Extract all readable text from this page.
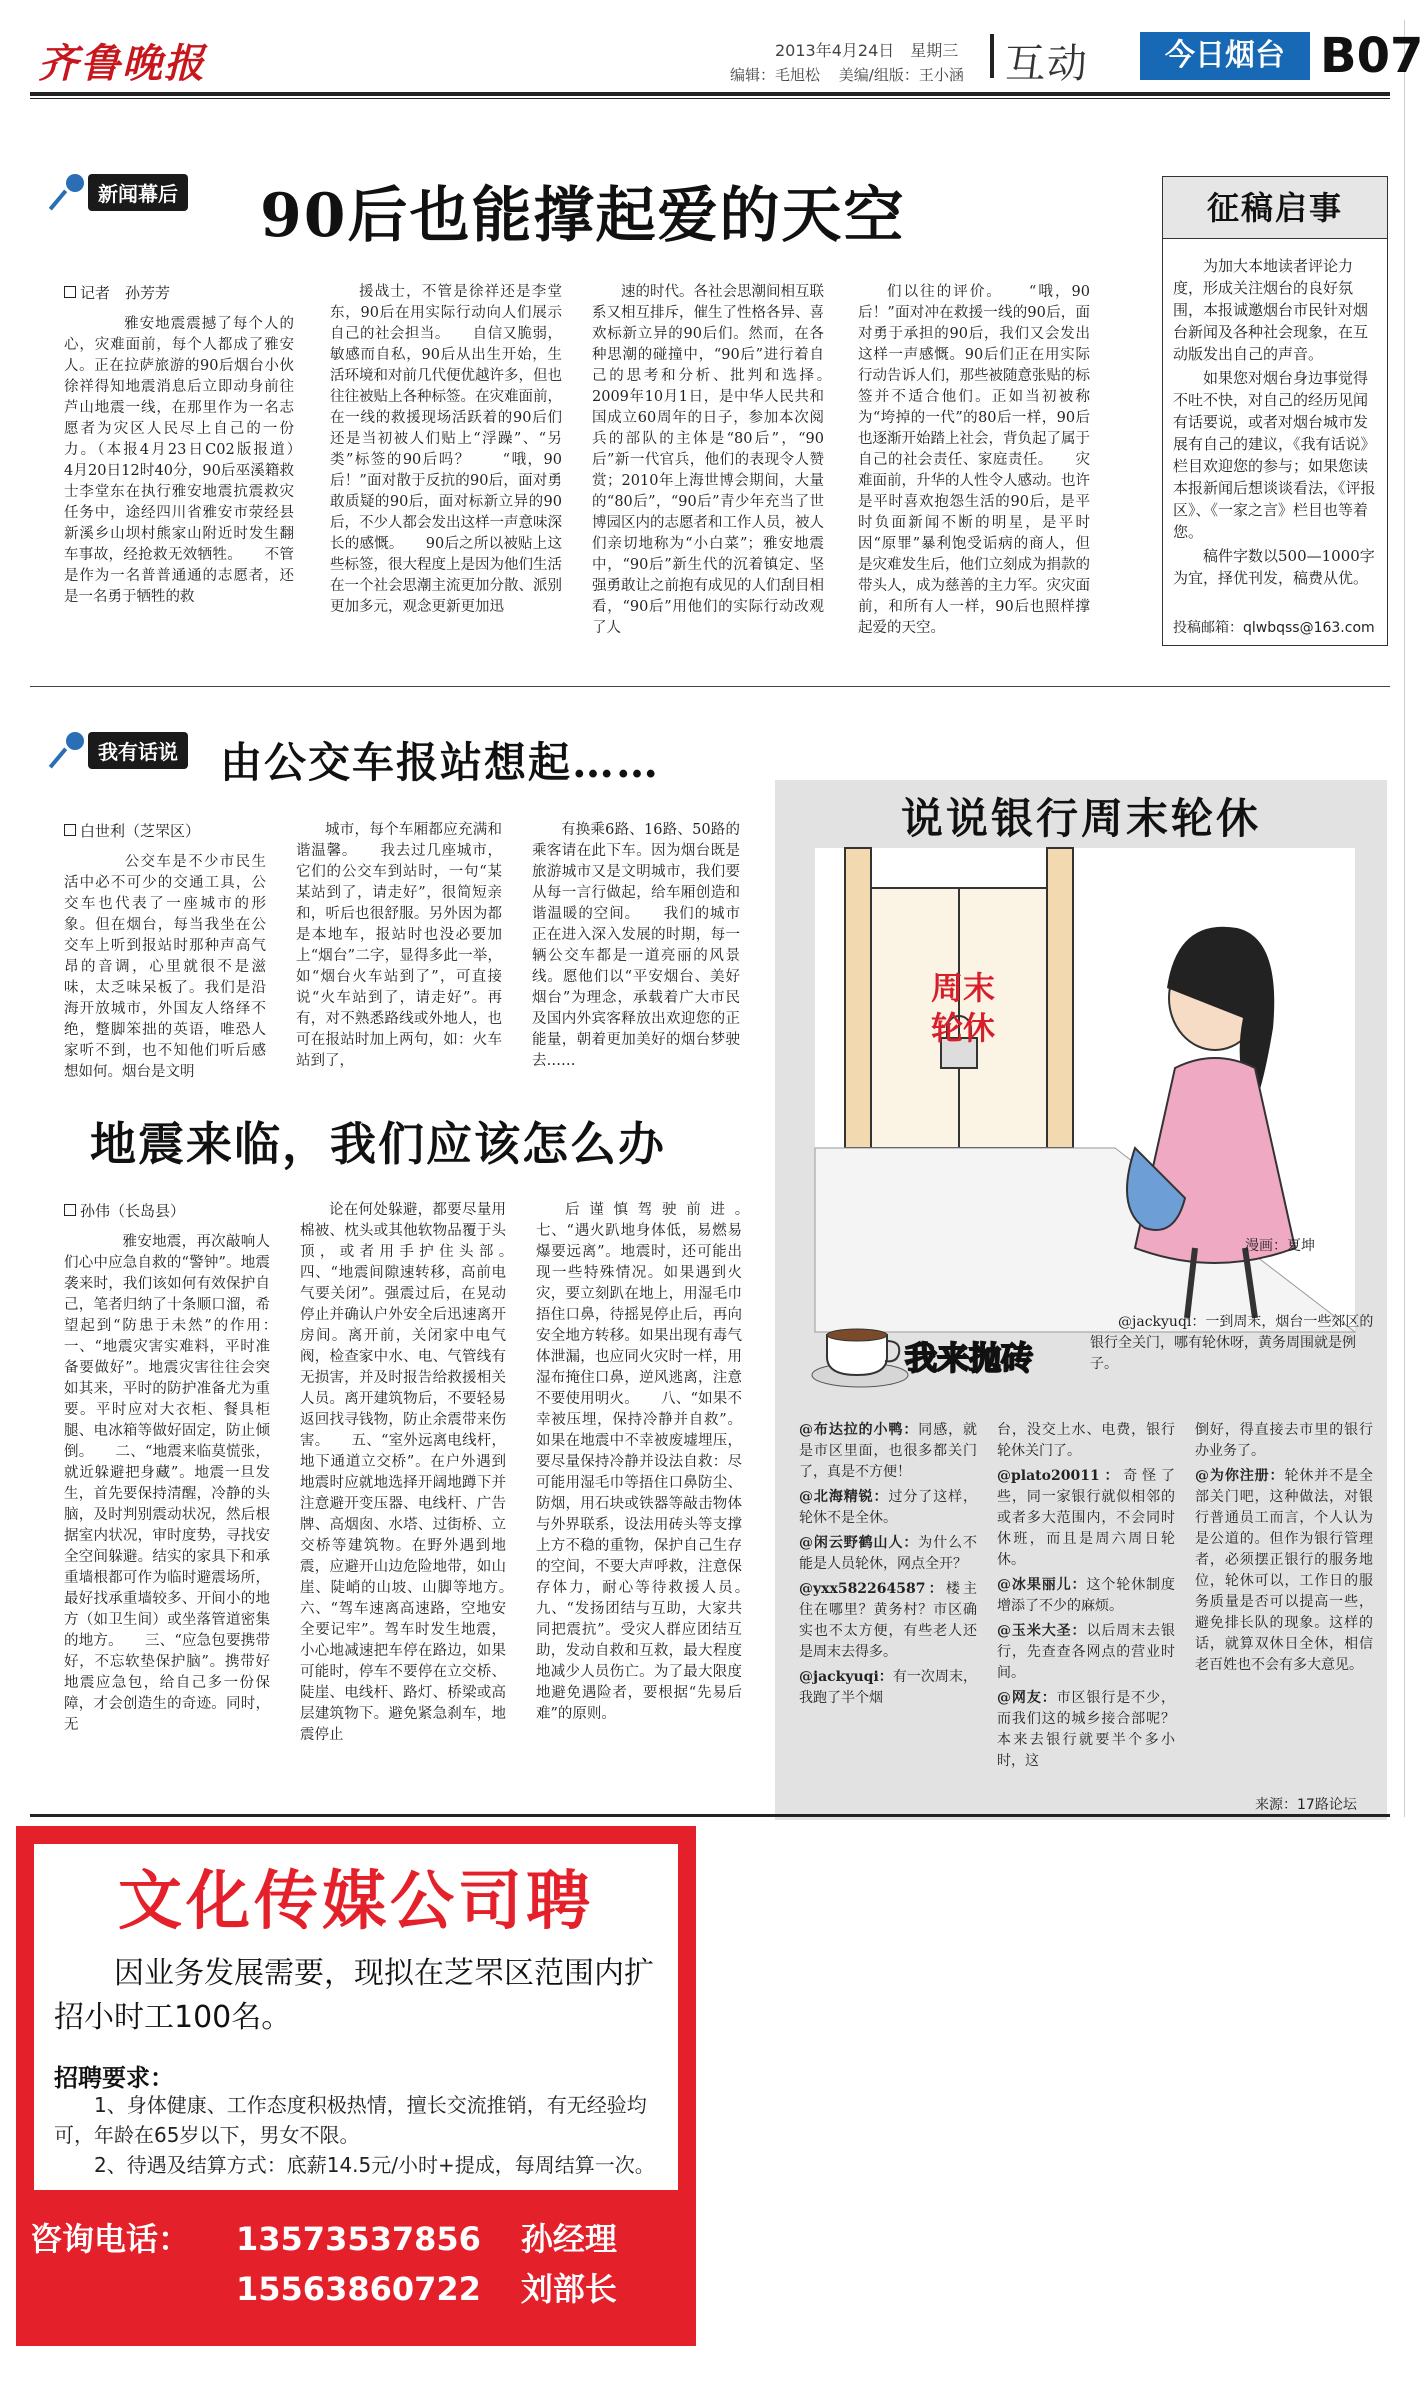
齐鲁晚报	2013年4月24日　星期三
编辑：毛旭松 美编/组版：王小涵	互动	今日烟台 B07
新闻幕后 90后也能撑起爱的天空
记者　孙芳芳

　　雅安地震震撼了每个人的心，灾难面前，每个人都成了雅安人。正在拉萨旅游的90后烟台小伙徐祥得知地震消息后立即动身前往芦山地震一线，在那里作为一名志愿者为灾区人民尽上自己的一份力。（本报4月23日C02版报道）　　4月20日12时40分，90后巫溪籍救士李堂东在执行雅安地震抗震救灾任务中，途经四川省雅安市荥经县新溪乡山坝村熊家山附近时发生翻车事故，经抢救无效牺牲。　　不管是作为一名普普通通的志愿者，还是一名勇于牺牲的救

援战士，不管是徐祥还是李堂东，90后在用实际行动向人们展示自己的社会担当。　　自信又脆弱，敏感而自私，90后从出生开始，生活环境和对前几代便优越许多，但也往往被贴上各种标签。在灾难面前，在一线的救援现场活跃着的90后们还是当初被人们贴上“浮躁”、“另类”标签的90后吗？　　“哦，90后！”面对散于反抗的90后，面对勇敢质疑的90后，面对标新立异的90后，不少人都会发出这样一声意味深长的感慨。　　90后之所以被贴上这些标签，很大程度上是因为他们生活在一个社会思潮主流更加分散、派别更加多元，观念更新更加迅

速的时代。各社会思潮间相互联系又相互排斥，催生了性格各异、喜欢标新立异的90后们。然而，在各种思潮的碰撞中，“90后”进行着自己的思考和分析、批判和选择。　　2009年10月1日，是中华人民共和国成立60周年的日子，参加本次阅兵的部队的主体是“80后”，“90后”新一代官兵，他们的表现令人赞赏；2010年上海世博会期间，大量的“80后”，“90后”青少年充当了世博园区内的志愿者和工作人员，被人们亲切地称为“小白菜”；雅安地震中，“90后”新生代的沉着镇定、坚强勇敢让之前抱有成见的人们刮目相看，“90后”用他们的实际行动改观了人

们以往的评价。　　“哦，90后！”面对冲在救援一线的90后，面对勇于承担的90后，我们又会发出这样一声感慨。90后们正在用实际行动告诉人们，那些被随意张贴的标签并不适合他们。正如当初被称为“垮掉的一代”的80后一样，90后也逐渐开始踏上社会，背负起了属于自己的社会责任、家庭责任。　　灾难面前，升华的人性令人感动。也许是平时喜欢抱怨生活的90后，是平时负面新闻不断的明星，是平时因“原罪”暴利饱受诟病的商人，但是灾难发生后，他们立刻成为捐款的带头人，成为慈善的主力军。灾灾面前，和所有人一样，90后也照样撑起爱的天空。

征稿启事

为加大本地读者评论力度，形成关注烟台的良好氛围，本报诚邀烟台市民针对烟台新闻及各种社会现象，在互动版发出自己的声音。

如果您对烟台身边事觉得不吐不快，对自己的经历见闻有话要说，或者对烟台城市发展有自己的建议，《我有话说》栏目欢迎您的参与；如果您读本报新闻后想谈谈看法，《评报区》、《一家之言》栏目也等着您。

稿件字数以500—1000字为宜，择优刊发，稿费从优。

投稿邮箱：qlwbqss@163.com
我有话说 由公交车报站想起……
白世利（芝罘区）

　　公交车是不少市民生活中必不可少的交通工具，公交车也代表了一座城市的形象。但在烟台，每当我坐在公交车上听到报站时那种声高气昂的音调，心里就很不是滋味，太乏味呆板了。我们是沿海开放城市，外国友人络绎不绝，蹩脚笨拙的英语，唯恐人家听不到，也不知他们听后感想如何。烟台是文明

城市，每个车厢都应充满和谐温馨。　　我去过几座城市，它们的公交车到站时，一句“某某站到了，请走好”，很简短亲和，听后也很舒服。另外因为都是本地车，报站时也没必要加上“烟台”二字，显得多此一举，如“烟台火车站到了”，可直接说“火车站到了，请走好”。再有，对不熟悉路线或外地人，也可在报站时加上两句，如：火车站到了，

有换乘6路、16路、50路的乘客请在此下车。因为烟台既是旅游城市又是文明城市，我们要从每一言行做起，给车厢创造和谐温暖的空间。　　我们的城市正在进入深入发展的时期，每一辆公交车都是一道亮丽的风景线。愿他们以“平安烟台、美好烟台”为理念，承载着广大市民及国内外宾客释放出欢迎您的正能量，朝着更加美好的烟台梦驶去……

地震来临，我们应该怎么办
孙伟（长岛县）

　　雅安地震，再次敲响人们心中应急自救的“警钟”。地震袭来时，我们该如何有效保护自己，笔者归纳了十条顺口溜，希望起到“防患于未然”的作用：　　一、“地震灾害实难料，平时准备要做好”。地震灾害往往会突如其来，平时的防护准备尤为重要。平时应对大衣柜、餐具柜腿、电冰箱等做好固定，防止倾倒。　　二、“地震来临莫慌张，就近躲避把身藏”。地震一旦发生，首先要保持清醒，冷静的头脑，及时判别震动状况，然后根据室内状况，审时度势，寻找安全空间躲避。结实的家具下和承重墙根都可作为临时避震场所，最好找承重墙较多、开间小的地方（如卫生间）或坐落管道密集的地方。　　三、“应急包要携带好，不忘软垫保护脑”。携带好地震应急包，给自己多一份保障，才会创造生的奇迹。同时，无

论在何处躲避，都要尽量用棉被、枕头或其他软物品覆于头顶，或者用手护住头部。　　四、“地震间隙速转移，高前电气要关闭”。强震过后，在晃动停止并确认户外安全后迅速离开房间。离开前，关闭家中电气阀，检查家中水、电、气管线有无损害，并及时报告给救援相关人员。离开建筑物后，不要轻易返回找寻钱物，防止余震带来伤害。　　五、“室外远离电线杆，地下通道立交桥”。在户外遇到地震时应就地选择开阔地蹲下并注意避开变压器、电线杆、广告牌、高烟囱、水塔、过街桥、立交桥等建筑物。在野外遇到地震，应避开山边危险地带，如山崖、陡峭的山坡、山脚等地方。　　六、“驾车速离高速路，空地安全要记牢”。驾车时发生地震，小心地减速把车停在路边，如果可能时，停车不要停在立交桥、陡崖、电线杆、路灯、桥梁或高层建筑物下。避免紧急刹车，地震停止

后谨慎驾驶前进。　　七、“遇火趴地身体低，易燃易爆要远离”。地震时，还可能出现一些特殊情况。如果遇到火灾，要立刻趴在地上，用湿毛巾捂住口鼻，待摇晃停止后，再向安全地方转移。如果出现有毒气体泄漏，也应同火灾时一样，用湿布掩住口鼻，逆风逃离，注意不要使用明火。　　八、“如果不幸被压埋，保持冷静并自救”。如果在地震中不幸被废墟埋压，要尽量保持冷静并设法自救：尽可能用湿毛巾等捂住口鼻防尘、防烟，用石块或铁器等敲击物体与外界联系，设法用砖头等支撑上方不稳的重物，保护自己生存的空间，不要大声呼救，注意保存体力，耐心等待救援人员。　　九、“发扬团结与互助，大家共同把震抗”。受灾人群应团结互助，发动自救和互救，最大程度地减少人员伤亡。为了最大限度地避免遇险者，要根据“先易后难”的原则。

说说银行周末轮休
周末轮休
漫画：夏坤
我来抛砖

@jackyuqi：一到周末，烟台一些郊区的银行全关门，哪有轮休呀，黄务周围就是例子。

@布达拉的小鸭：同感，就是市区里面，也很多都关门了，真是不方便！
@北海精锐：过分了这样，轮休不是全休。
@闲云野鹤山人：为什么不能是人员轮休，网点全开？
@yxx582264587：楼主住在哪里？黄务村？市区确实也不太方便，有些老人还是周末去得多。
@jackyuqi：有一次周末，我跑了半个烟
台，没交上水、电费，银行轮休关门了。
@plato20011：奇怪了些，同一家银行就似相邻的或者多大范围内，不会同时休班，而且是周六周日轮休。
@冰果丽儿：这个轮休制度增添了不少的麻烦。
@玉米大圣：以后周末去银行，先查查各网点的营业时间。
@网友：市区银行是不少，而我们这的城乡接合部呢？本来去银行就要半个多小时，这
倒好，得直接去市里的银行办业务了。
@为你注册：轮休并不是全部关门吧，这种做法，对银行普通员工而言，个人认为是公道的。但作为银行管理者，必须摆正银行的服务地位，轮休可以，工作日的服务质量是否可以提高一些，避免排长队的现象。这样的话，就算双休日全休，相信老百姓也不会有多大意见。
来源：17路论坛
文化传媒公司聘

因业务发展需要，现拟在芝罘区范围内扩招小时工100名。

招聘要求：

1、身体健康、工作态度积极热情，擅长交流推销，有无经验均可，年龄在65岁以下，男女不限。

2、待遇及结算方式：底薪14.5元/小时+提成，每周结算一次。

咨询电话： 13573537856 孙经理
15563860722 刘部长
